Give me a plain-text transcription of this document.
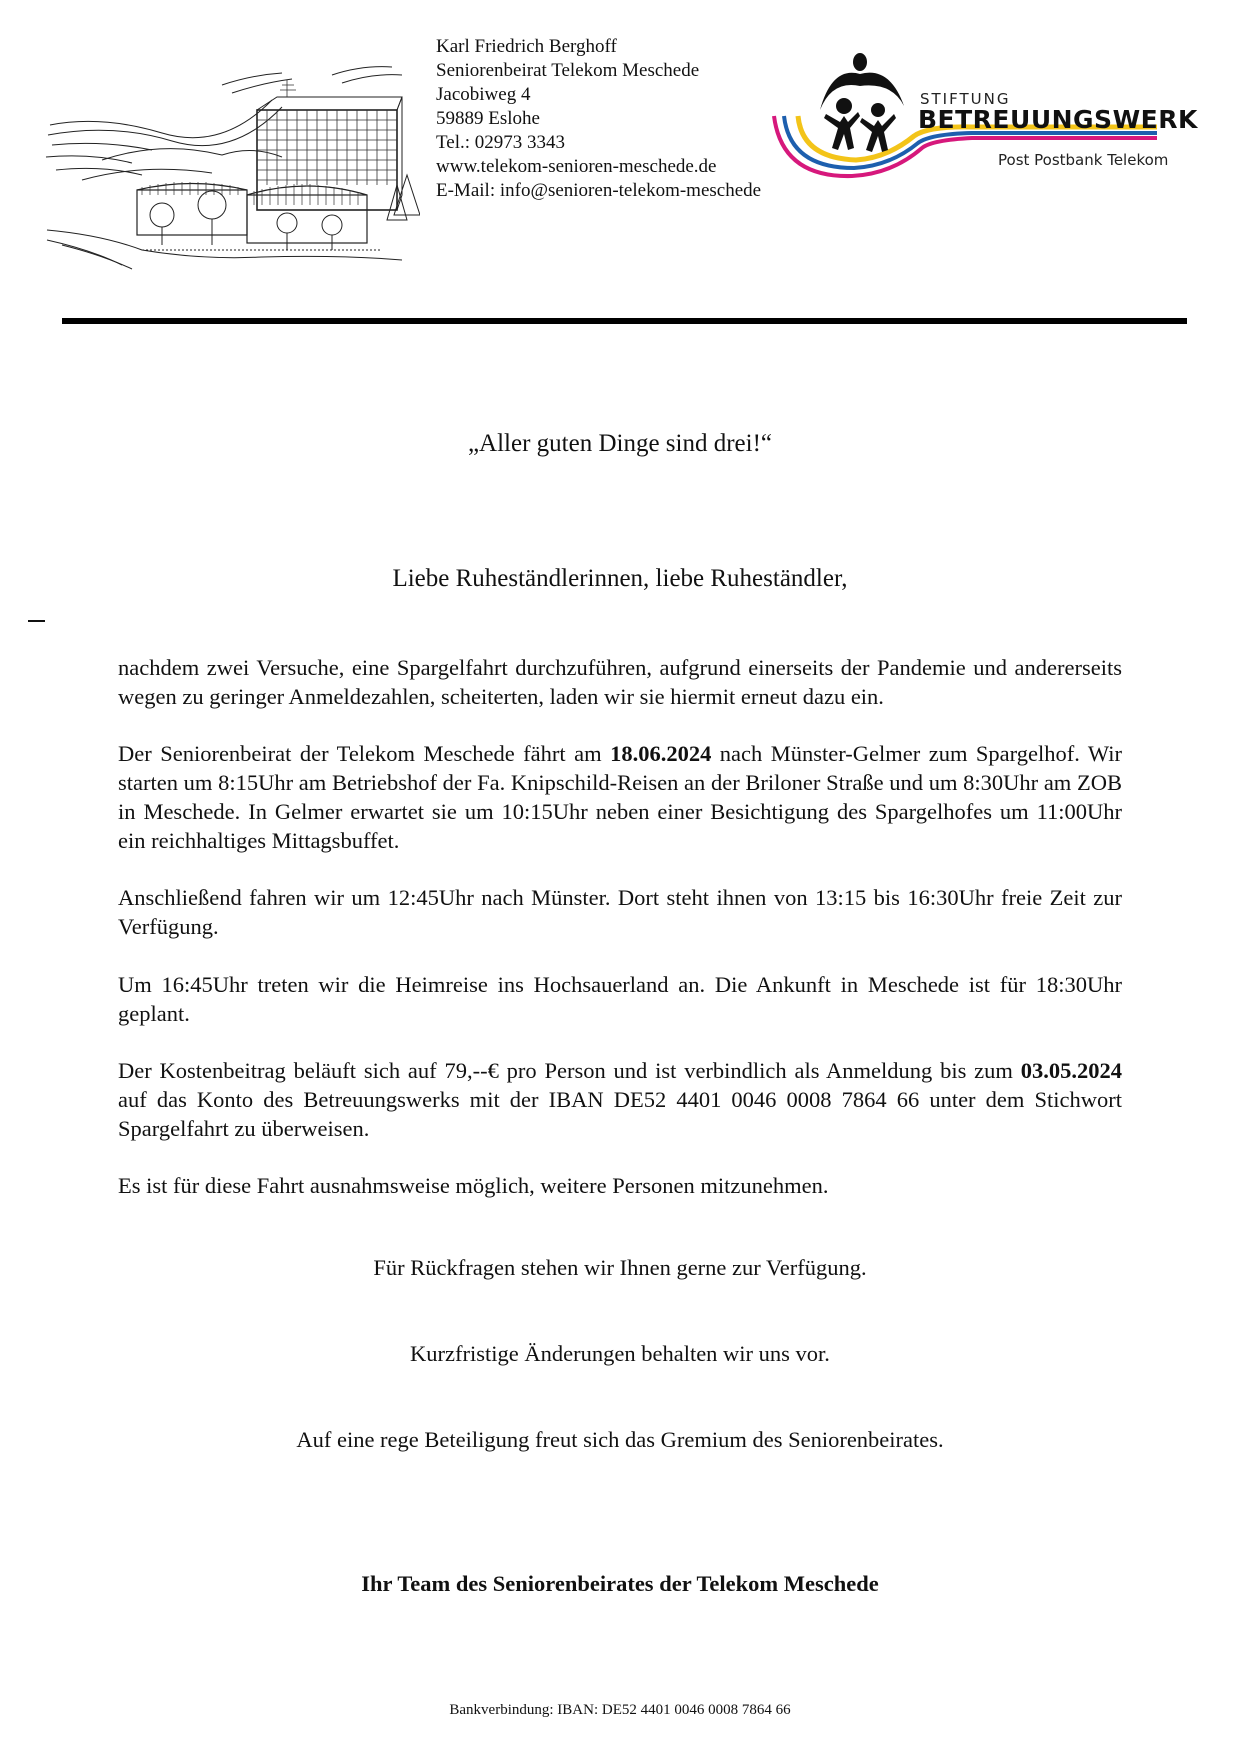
Karl Friedrich Berghoff
Seniorenbeirat Telekom Meschede
Jacobiweg 4
59889 Eslohe
Tel.: 02973 3343
www.telekom-senioren-meschede.de
E-Mail: info@senioren-telekom-meschede
STIFTUNG
BETREUUNGSWERK
Post Postbank Telekom
„Aller guten Dinge sind drei!“
Liebe Ruheständlerinnen, liebe Ruheständler,

nachdem zwei Versuche, eine Spargelfahrt durchzuführen, aufgrund einerseits der Pandemie und andererseits wegen zu geringer Anmeldezahlen, scheiterten, laden wir sie hiermit erneut dazu ein.

Der Seniorenbeirat der Telekom Meschede fährt am 18.06.2024 nach Münster-Gelmer zum Spargelhof. Wir starten um 8:15Uhr am Betriebshof der Fa. Knipschild-Reisen an der Briloner Straße und um 8:30Uhr am ZOB in Meschede. In Gelmer erwartet sie um 10:15Uhr neben einer Besichtigung des Spargelhofes um 11:00Uhr ein reichhaltiges Mittagsbuffet.

Anschließend fahren wir um 12:45Uhr nach Münster. Dort steht ihnen von 13:15 bis 16:30Uhr freie Zeit zur Verfügung.

Um 16:45Uhr treten wir die Heimreise ins Hochsauerland an. Die Ankunft in Meschede ist für 18:30Uhr geplant.

Der Kostenbeitrag beläuft sich auf 79,--€ pro Person und ist verbindlich als Anmeldung bis zum 03.05.2024 auf das Konto des Betreuungswerks mit der IBAN DE52 4401 0046 0008 7864 66 unter dem Stichwort Spargelfahrt zu überweisen.

Es ist für diese Fahrt ausnahmsweise möglich, weitere Personen mitzunehmen.

Für Rückfragen stehen wir Ihnen gerne zur Verfügung.
Kurzfristige Änderungen behalten wir uns vor.
Auf eine rege Beteiligung freut sich das Gremium des Seniorenbeirates.
Ihr Team des Seniorenbeirates der Telekom Meschede
Bankverbindung: IBAN: DE52 4401 0046 0008 7864 66
